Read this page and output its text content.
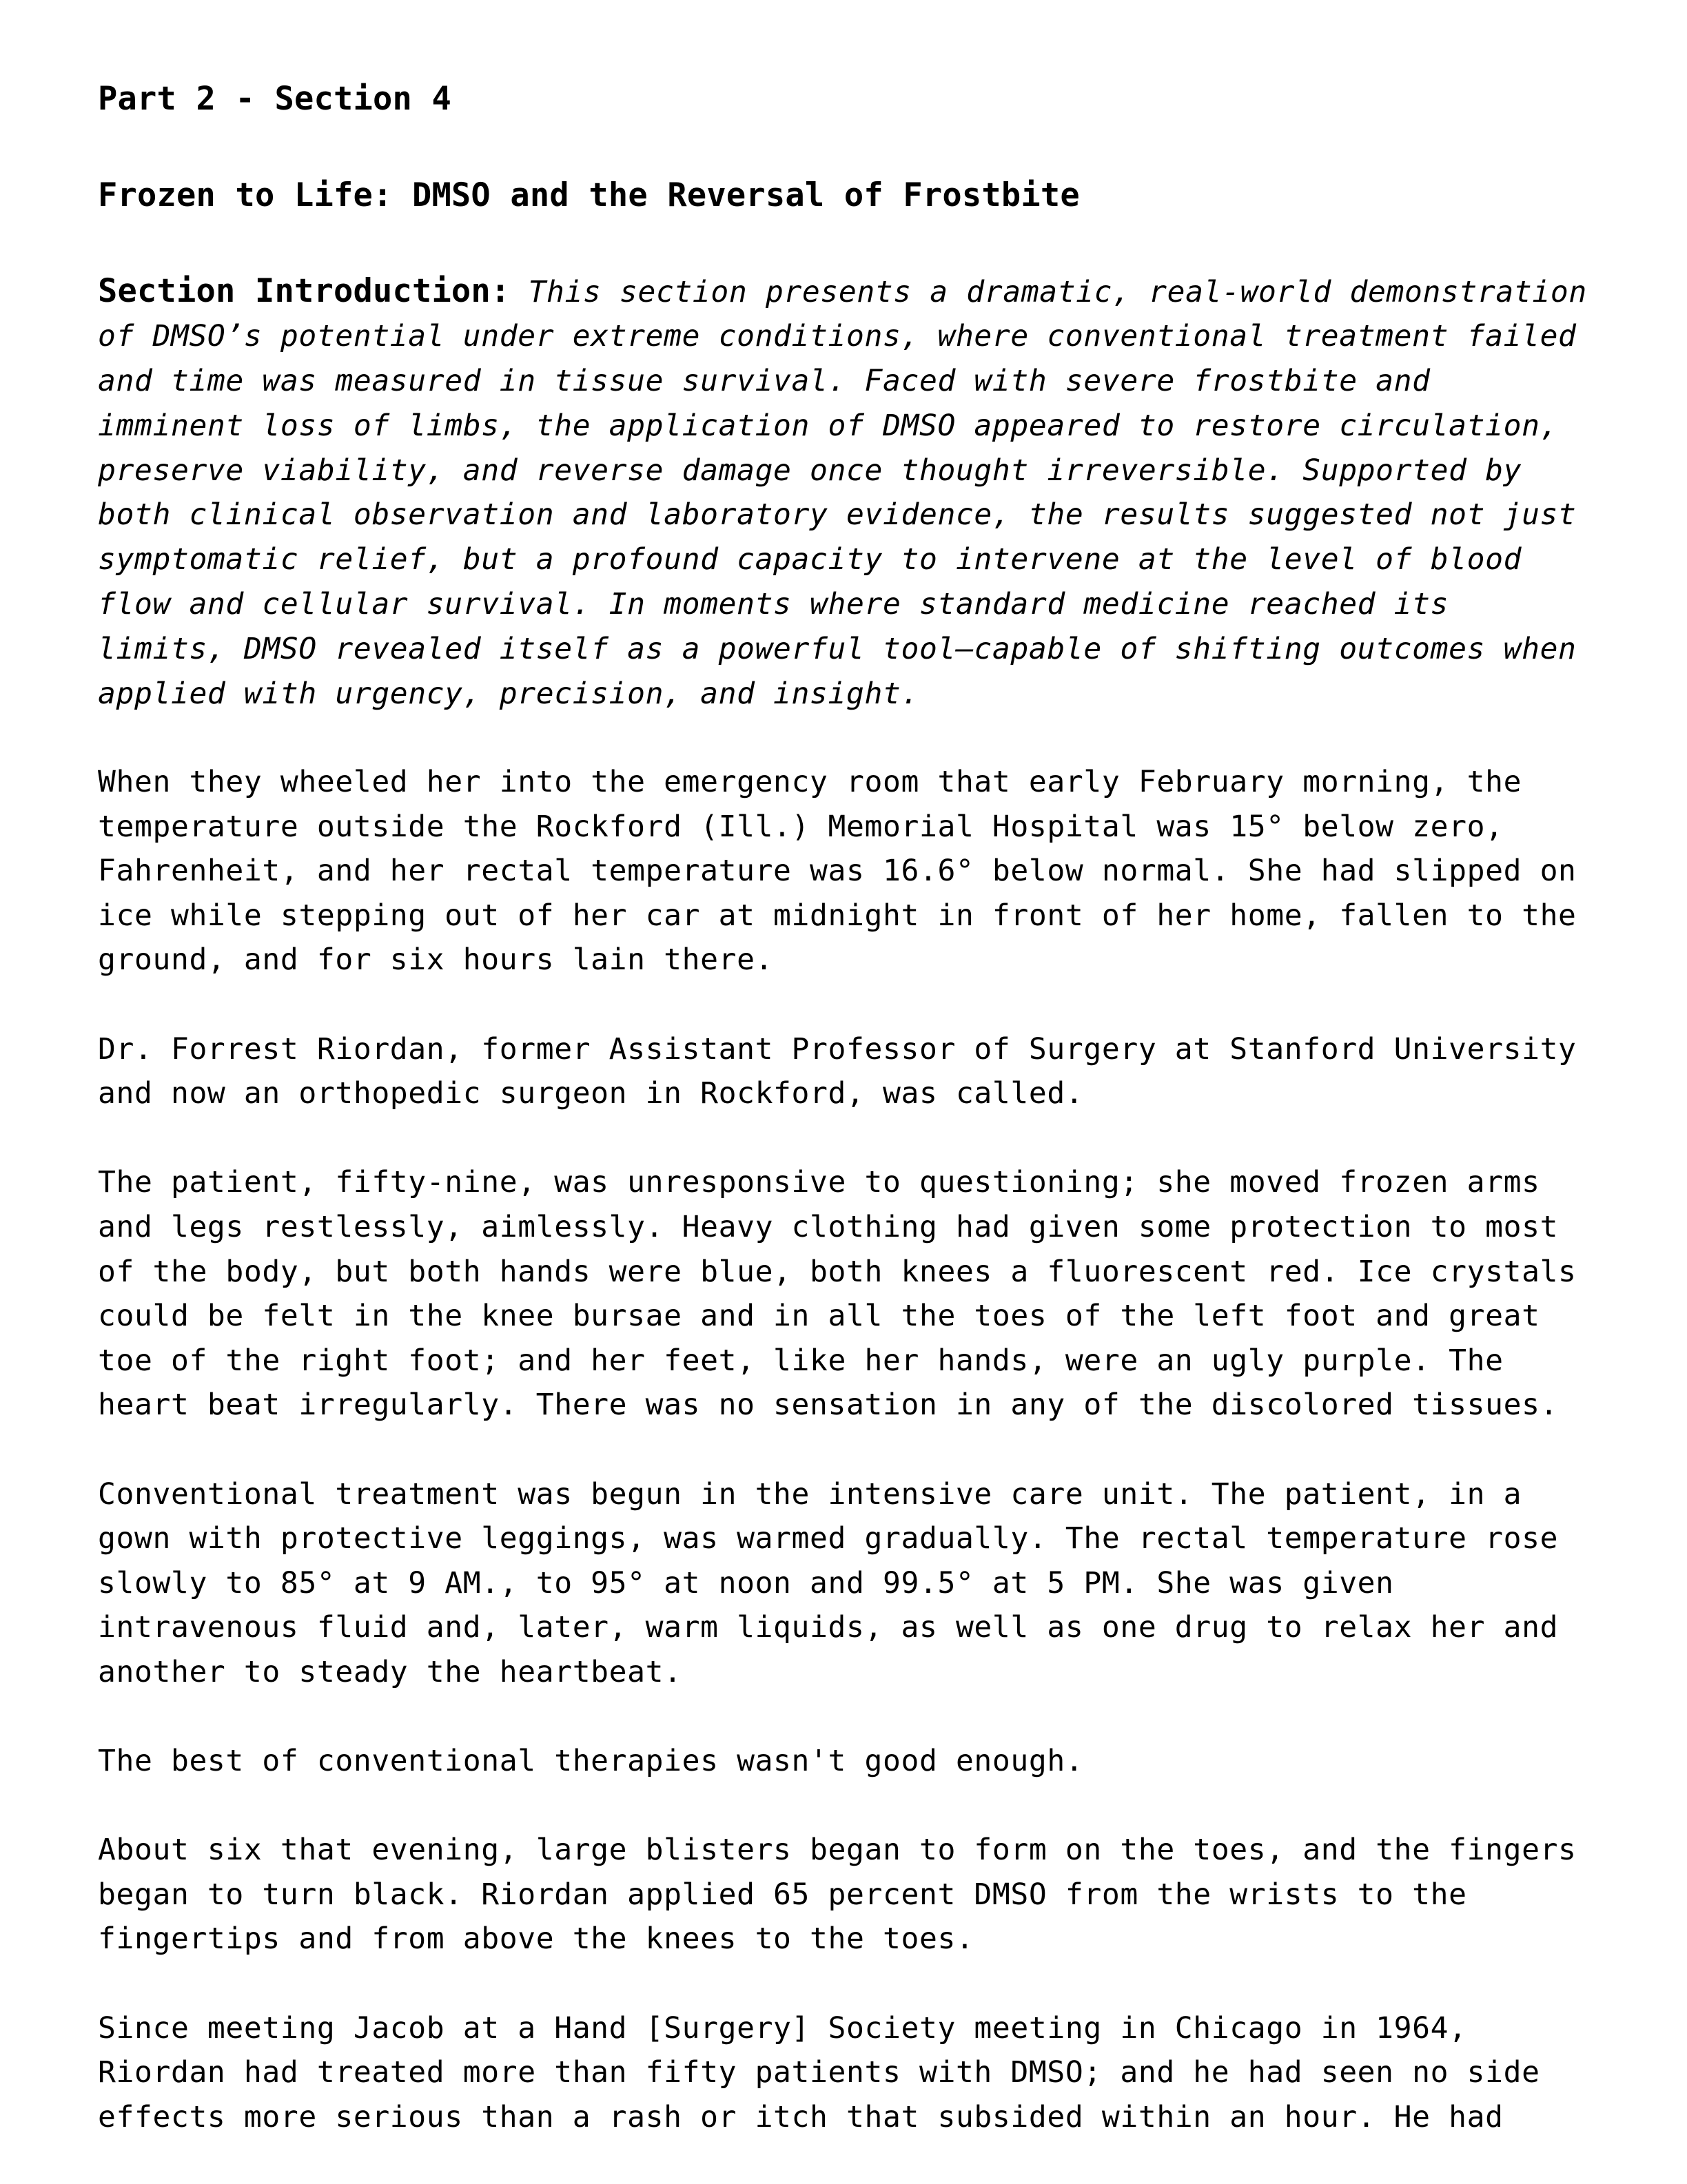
Part 2 - Section 4
Frozen to Life: DMSO and the Reversal of Frostbite
Section Introduction: This section presents a dramatic, real-world demonstration
of DMSO’s potential under extreme conditions, where conventional treatment failed
and time was measured in tissue survival. Faced with severe frostbite and
imminent loss of limbs, the application of DMSO appeared to restore circulation,
preserve viability, and reverse damage once thought irreversible. Supported by
both clinical observation and laboratory evidence, the results suggested not just
symptomatic relief, but a profound capacity to intervene at the level of blood
flow and cellular survival. In moments where standard medicine reached its
limits, DMSO revealed itself as a powerful tool—capable of shifting outcomes when
applied with urgency, precision, and insight.
When they wheeled her into the emergency room that early February morning, the
temperature outside the Rockford (Ill.) Memorial Hospital was 15° below zero,
Fahrenheit, and her rectal temperature was 16.6° below normal. She had slipped on
ice while stepping out of her car at midnight in front of her home, fallen to the
ground, and for six hours lain there.
Dr. Forrest Riordan, former Assistant Professor of Surgery at Stanford University
and now an orthopedic surgeon in Rockford, was called.
The patient, fifty-nine, was unresponsive to questioning; she moved frozen arms
and legs restlessly, aimlessly. Heavy clothing had given some protection to most
of the body, but both hands were blue, both knees a fluorescent red. Ice crystals
could be felt in the knee bursae and in all the toes of the left foot and great
toe of the right foot; and her feet, like her hands, were an ugly purple. The
heart beat irregularly. There was no sensation in any of the discolored tissues.
Conventional treatment was begun in the intensive care unit. The patient, in a
gown with protective leggings, was warmed gradually. The rectal temperature rose
slowly to 85° at 9 AM., to 95° at noon and 99.5° at 5 PM. She was given
intravenous fluid and, later, warm liquids, as well as one drug to relax her and
another to steady the heartbeat.
The best of conventional therapies wasn't good enough.
About six that evening, large blisters began to form on the toes, and the fingers
began to turn black. Riordan applied 65 percent DMSO from the wrists to the
fingertips and from above the knees to the toes.
Since meeting Jacob at a Hand [Surgery] Society meeting in Chicago in 1964,
Riordan had treated more than fifty patients with DMSO; and he had seen no side
effects more serious than a rash or itch that subsided within an hour. He had
